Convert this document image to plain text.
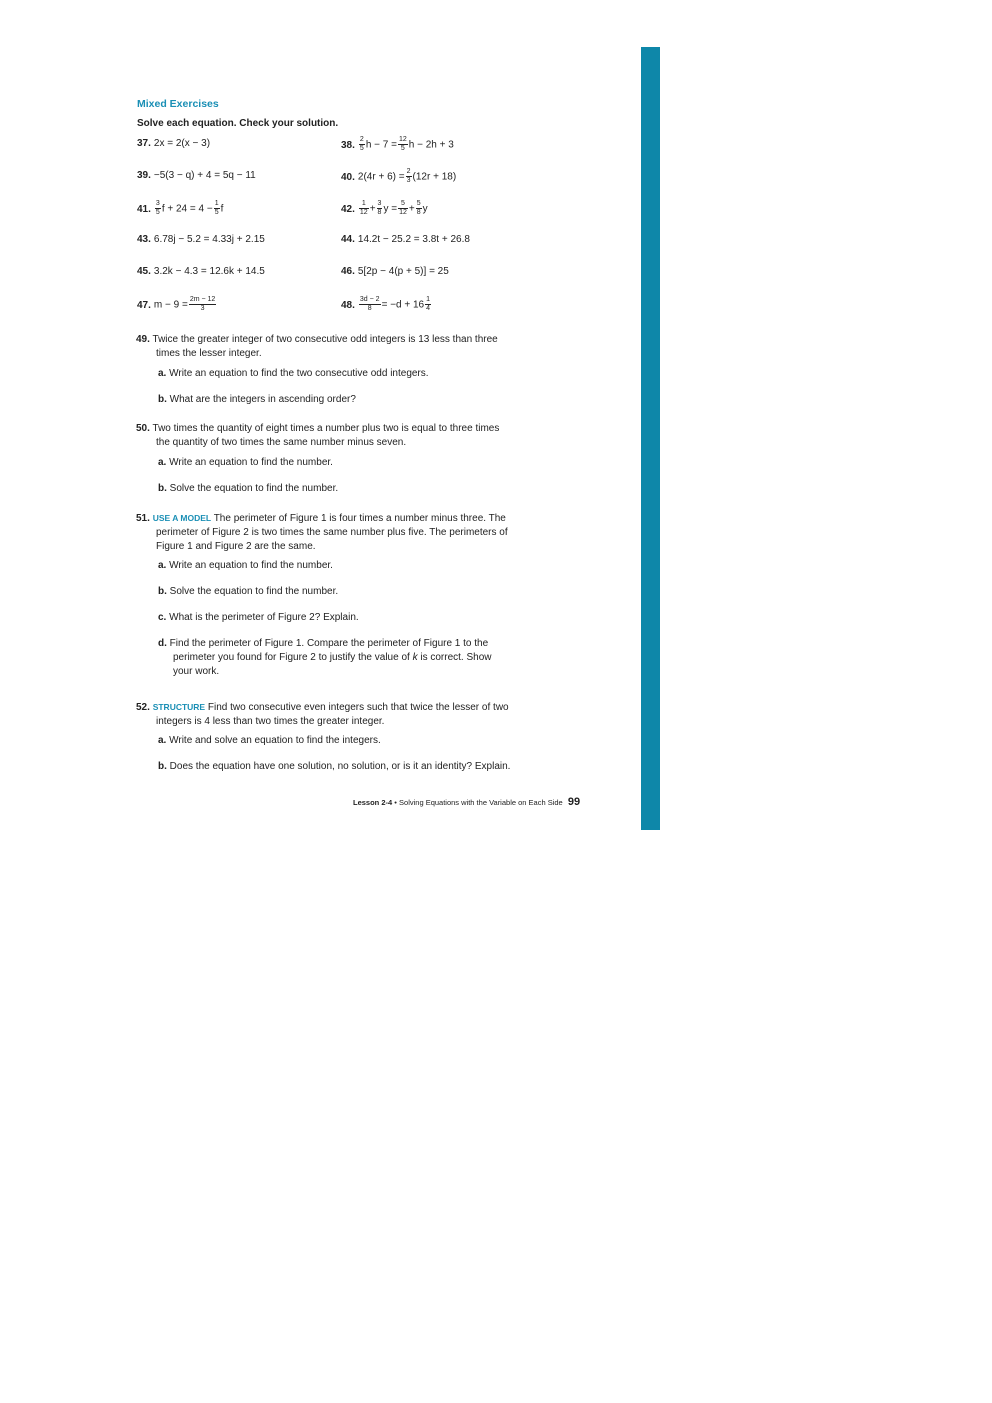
Mixed Exercises
Solve each equation. Check your solution.
37. 2x = 2(x − 3)	38. $\frac{2}{5}$ $h - 7 = \frac{12}{5}$ h − 2h + 3
39. −5(3 − q) + 4 = 5q − 11	40. $2(4r + 6) = \frac{2}{3} (12r + 18)$
41. $\frac{3}{5}$ $f + 24 = 4 - \frac{1}{5}$ f	42. $\frac{1}{12} + \frac{3}{8}$ $y = \frac{5}{12} + \frac{5}{8}$ y
43. 6.78j − 5.2 = 4.33j + 2.15	44. 14.2t − 25.2 = 3.8t + 26.8
45. 3.2k − 4.3 = 12.6k + 14.5	46. 5[2p − 4(p + 5)] = 25
47. $m - 9 = \frac{2m - 12}{3}$	48. $\frac{3d - 2}{8} = -d + 16 \frac{1}{4}$
49. Twice the greater integer of two consecutive odd integers is 13 less than three
times the lesser integer.
a. Write an equation to find the two consecutive odd integers.
b. What are the integers in ascending order?
50. Two times the quantity of eight times a number plus two is equal to three times
the quantity of two times the same number minus seven.
a. Write an equation to find the number.
b. Solve the equation to find the number.
51. USE A MODEL The perimeter of Figure 1 is four times a number minus three. The
perimeter of Figure 2 is two times the same number plus five. The perimeters of
Figure 1 and Figure 2 are the same.
a. Write an equation to find the number.
b. Solve the equation to find the number.
c. What is the perimeter of Figure 2? Explain.
d. Find the perimeter of Figure 1. Compare the perimeter of Figure 1 to the
perimeter you found for Figure 2 to justify the value of k is correct. Show
your work.
52. STRUCTURE Find two consecutive even integers such that twice the lesser of two
integers is 4 less than two times the greater integer.
a. Write and solve an equation to find the integers.
b. Does the equation have one solution, no solution, or is it an identity? Explain.
Lesson 2-4 • Solving Equations with the Variable on Each Side 99
